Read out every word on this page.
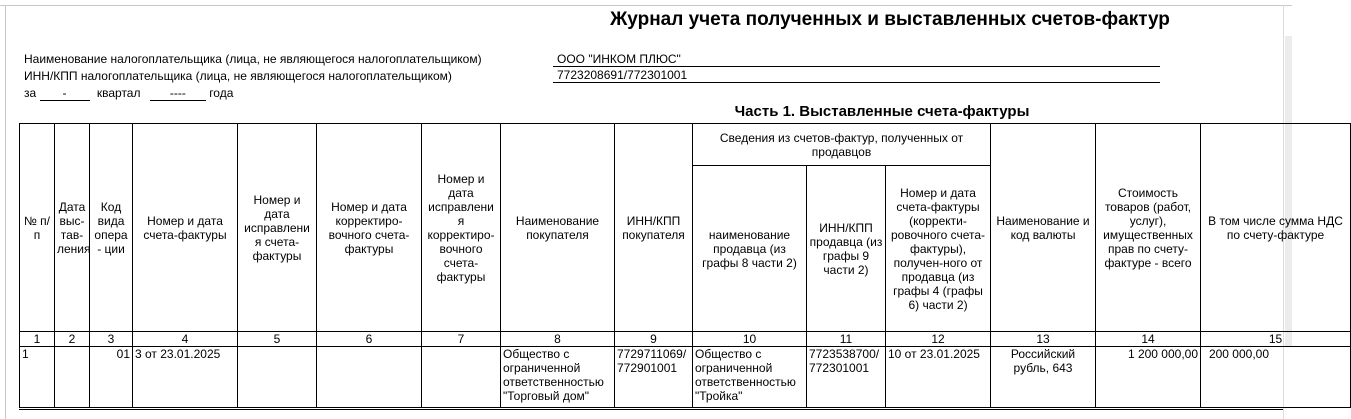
Журнал учета полученных и выставленных счетов-фактур
Наименование налогоплательщика (лица, не являющегося налогоплательщиком)	ООО "ИНКОМ ПЛЮС"
ИНН/КПП налогоплательщика (лица, не являющегося налогоплательщиком)	7723208691/772301001
за -	квартал ---- года
Часть 1. Выставленные счета-фактуры
№ п/п	Дата выс-тав-ления	Код вида опера - ции	Номер и дата счета-фактуры	Номер и дата исправлени я счета-фактуры	Номер и дата корректиро-вочного счета-фактуры	Номер и дата исправлени я корректиро-вочного счета-фактуры	Наименование покупателя	ИНН/КПП покупателя	Сведения из счетов-фактур, полученных от продавцов			Наименование и код валюты	Стоимость товаров (работ, услуг), имущественных прав по счету-фактуре - всего	В том числе сумма НДС по счету-фактуре
									наименование продавца (из графы 8 части 2)	ИНН/КПП продавца (из графы 9 части 2)	Номер и дата счета-фактуры (корректи-ровочного счета-фактуры), получен-ного от продавца (из графы 4 (графы 6) части 2)			
1	2	3	4	5	6	7	8	9	10	11	12	13	14	15
1		01	3 от 23.01.2025				Общество с ограниченной ответственностью "Торговый дом"	7729711069/ 772901001	Общество с ограниченной ответственностью "Тройка"	7723538700/ 772301001	10 от 23.01.2025	Российский рубль, 643	1 200 000,00	200 000,00
